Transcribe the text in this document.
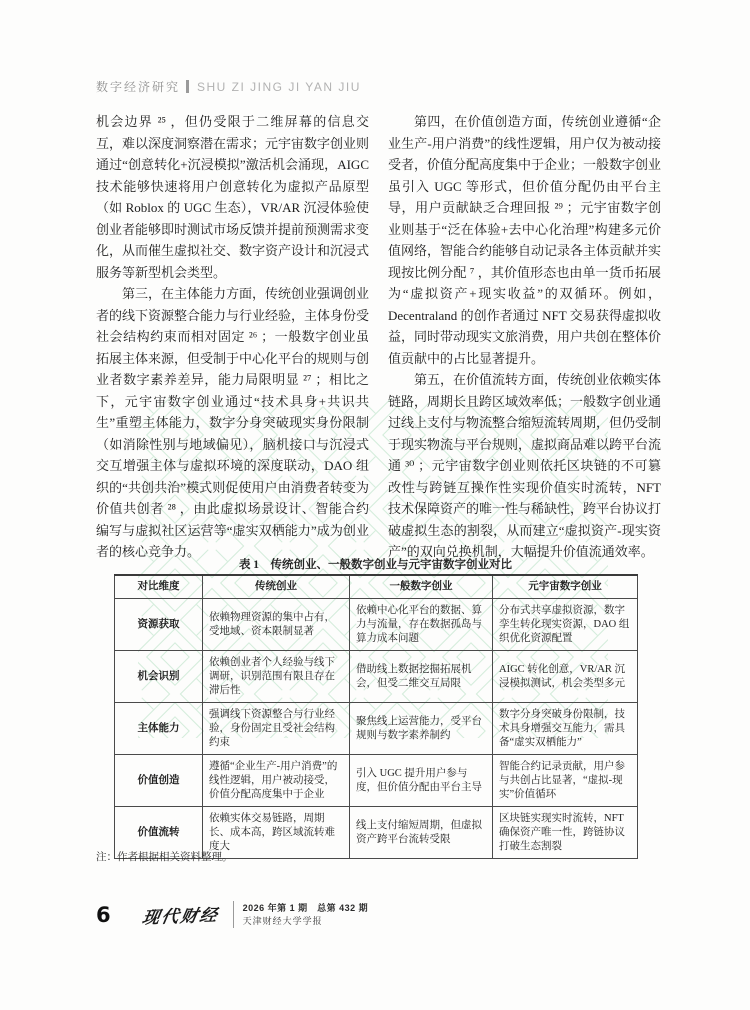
数字经济研究 SHU ZI JING JI YAN JIU

机会边界 ²⁵ ，但仍受限于二维屏幕的信息交互，难以深度洞察潜在需求；元宇宙数字创业则通过“创意转化+沉浸模拟”激活机会涌现，AIGC 技术能够快速将用户创意转化为虚拟产品原型（如 Roblox 的 UGC 生态），VR/AR 沉浸体验使创业者能够即时测试市场反馈并提前预测需求变化，从而催生虚拟社交、数字资产设计和沉浸式服务等新型机会类型。

第三，在主体能力方面，传统创业强调创业者的线下资源整合能力与行业经验，主体身份受社会结构约束而相对固定 ²⁶ ；一般数字创业虽拓展主体来源，但受制于中心化平台的规则与创业者数字素养差异，能力局限明显 ²⁷ ；相比之下，元宇宙数字创业通过“技术具身+共识共生”重塑主体能力，数字分身突破现实身份限制（如消除性别与地域偏见），脑机接口与沉浸式交互增强主体与虚拟环境的深度联动，DAO 组织的“共创共治”模式则促使用户由消费者转变为价值共创者 ²⁸ ，由此虚拟场景设计、智能合约编写与虚拟社区运营等“虚实双栖能力”成为创业者的核心竞争力。

第四，在价值创造方面，传统创业遵循“企业生产-用户消费”的线性逻辑，用户仅为被动接受者，价值分配高度集中于企业；一般数字创业虽引入 UGC 等形式，但价值分配仍由平台主导，用户贡献缺乏合理回报 ²⁹ ；元宇宙数字创业则基于“泛在体验+去中心化治理”构建多元价值网络，智能合约能够自动记录各主体贡献并实现按比例分配 ⁷ ，其价值形态也由单一货币拓展为“虚拟资产+现实收益”的双循环。例如，Decentraland 的创作者通过 NFT 交易获得虚拟收益，同时带动现实文旅消费，用户共创在整体价值贡献中的占比显著提升。

第五，在价值流转方面，传统创业依赖实体链路，周期长且跨区域效率低；一般数字创业通过线上支付与物流整合缩短流转周期，但仍受制于现实物流与平台规则，虚拟商品难以跨平台流通 ³⁰ ；元宇宙数字创业则依托区块链的不可篡改性与跨链互操作性实现价值实时流转，NFT 技术保障资产的唯一性与稀缺性，跨平台协议打破虚拟生态的割裂，从而建立“虚拟资产-现实资产”的双向兑换机制，大幅提升价值流通效率。

表 1　传统创业、一般数字创业与元宇宙数字创业对比
对比维度	传统创业	一般数字创业	元宇宙数字创业
资源获取	依赖物理资源的集中占有，受地域、资本限制显著	依赖中心化平台的数据、算力与流量，存在数据孤岛与算力成本问题	分布式共享虚拟资源，数字孪生转化现实资源，DAO 组织优化资源配置
机会识别	依赖创业者个人经验与线下调研，识别范围有限且存在滞后性	借助线上数据挖掘拓展机会，但受二维交互局限	AIGC 转化创意，VR/AR 沉浸模拟测试，机会类型多元
主体能力	强调线下资源整合与行业经验，身份固定且受社会结构约束	聚焦线上运营能力，受平台规则与数字素养制约	数字分身突破身份限制，技术具身增强交互能力，需具备“虚实双栖能力”
价值创造	遵循“企业生产-用户消费”的线性逻辑，用户被动接受，价值分配高度集中于企业	引入 UGC 提升用户参与度，但价值分配由平台主导	智能合约记录贡献，用户参与共创占比显著，“虚拟-现实”价值循环
价值流转	依赖实体交易链路，周期长、成本高，跨区域流转难度大	线上支付缩短周期，但虚拟资产跨平台流转受限	区块链实现实时流转，NFT 确保资产唯一性，跨链协议打破生态割裂
注：作者根据相关资料整理。
6 现代财经 2026 年第 1 期　总第 432 期
天津财经大学学报
